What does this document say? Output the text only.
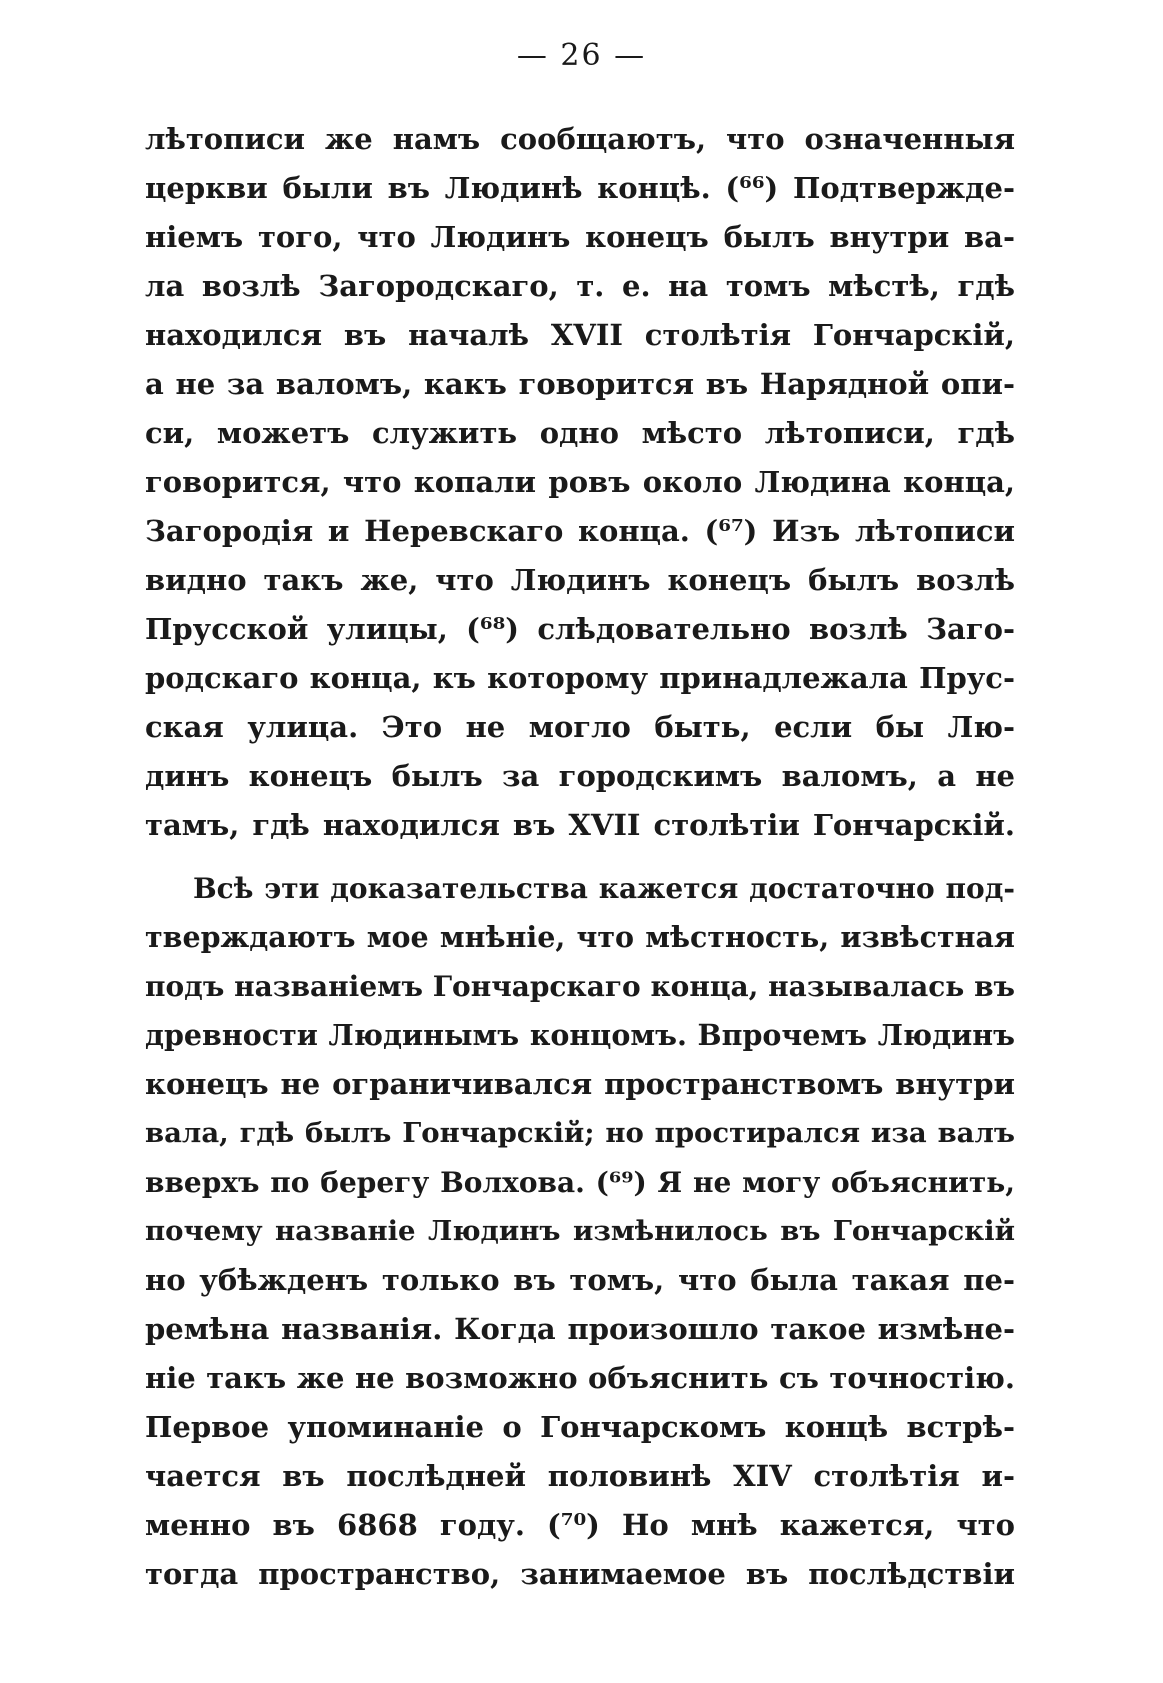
— 26 —
лѣтописи же намъ сообщаютъ, что означенныя
церкви были въ Людинѣ концѣ. (⁶⁶) Подтвержде-
ніемъ того, что Людинъ конецъ былъ внутри ва-
ла возлѣ Загородскаго, т. е. на томъ мѣстѣ, гдѣ
находился въ началѣ XVII столѣтія Гончарскій,
а не за валомъ, какъ говорится въ Нарядной опи-
си, можетъ служить одно мѣсто лѣтописи, гдѣ
говорится, что копали ровъ около Людина конца,
Загородія и Неревскаго конца. (⁶⁷) Изъ лѣтописи
видно такъ же, что Людинъ конецъ былъ возлѣ
Прусской улицы, (⁶⁸) слѣдовательно возлѣ Заго-
родскаго конца, къ которому принадлежала Прус-
ская улица. Это не могло быть, если бы Лю-
динъ конецъ былъ за городскимъ валомъ, а не
тамъ, гдѣ находился въ XVII столѣтіи Гончарскій.
Всѣ эти доказательства кажется достаточно под-
тверждаютъ мое мнѣніе, что мѣстность, извѣстная
подъ названіемъ Гончарскаго конца, называлась въ
древности Людинымъ концомъ. Впрочемъ Людинъ
конецъ не ограничивался пространствомъ внутри
вала, гдѣ былъ Гончарскій; но простирался изa валъ
вверхъ по берегу Волхова. (⁶⁹) Я не могу объяснить,
почему названіе Людинъ измѣнилось въ Гончарскій
но убѣжденъ только въ томъ, что была такая пе-
ремѣна названія. Когда произошло такое измѣне-
ніе такъ же не возможно объяснить съ точностію.
Первое упоминаніе о Гончарскомъ концѣ встрѣ-
чается въ послѣдней половинѣ XIV столѣтія и-
менно въ 6868 году. (⁷⁰) Но мнѣ кажется, что
тогда пространство, занимаемое въ послѣдствіи
